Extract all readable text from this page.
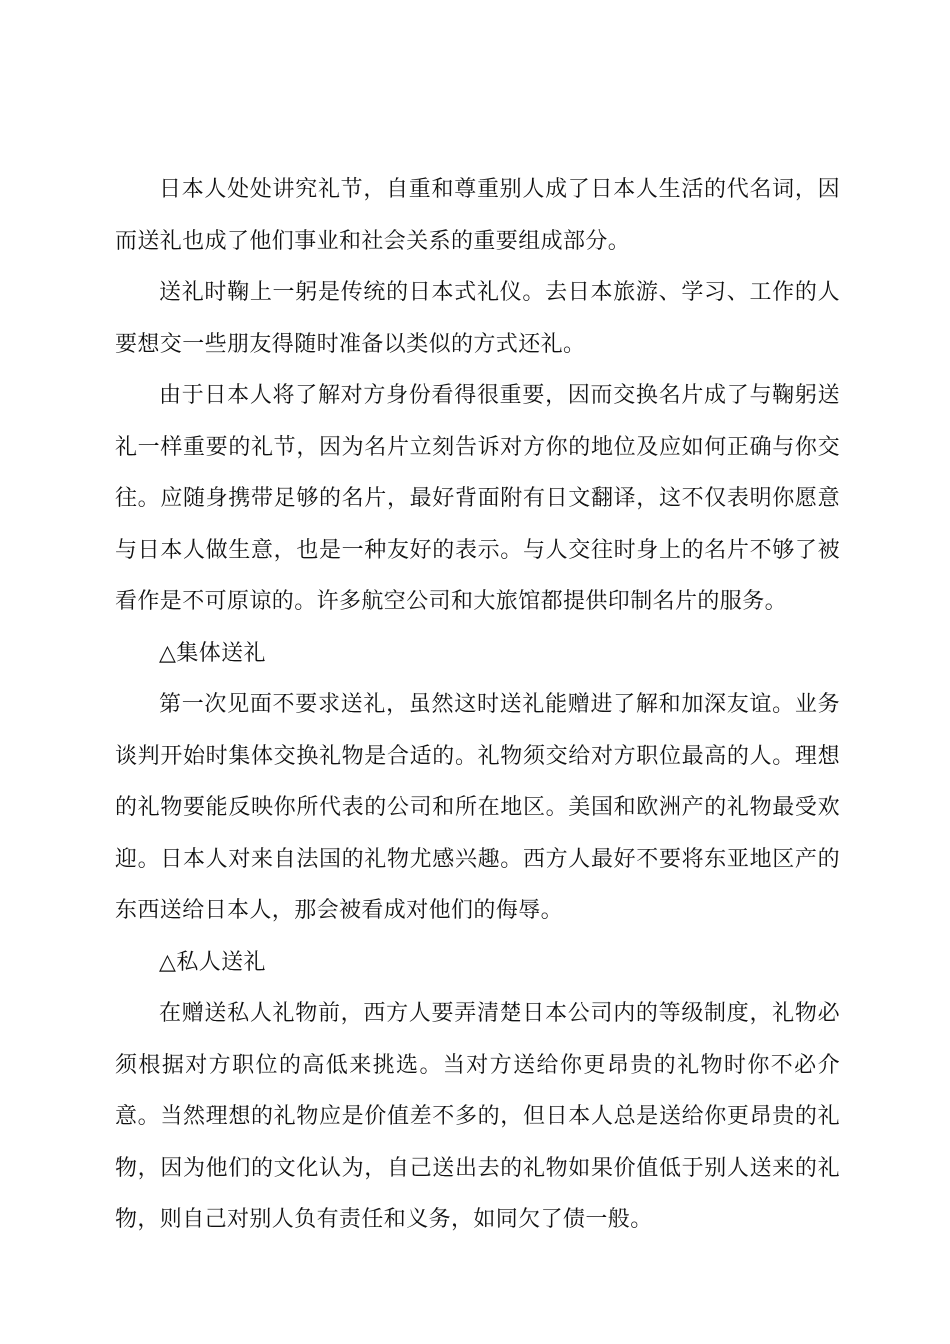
日本人处处讲究礼节，自重和尊重别人成了日本人生活的代名词，因而送礼也成了他们事业和社会关系的重要组成部分。

送礼时鞠上一躬是传统的日本式礼仪。去日本旅游、学习、工作的人要想交一些朋友得随时准备以类似的方式还礼。

由于日本人将了解对方身份看得很重要，因而交换名片成了与鞠躬送礼一样重要的礼节，因为名片立刻告诉对方你的地位及应如何正确与你交往。应随身携带足够的名片，最好背面附有日文翻译，这不仅表明你愿意与日本人做生意，也是一种友好的表示。与人交往时身上的名片不够了被看作是不可原谅的。许多航空公司和大旅馆都提供印制名片的服务。

△集体送礼

第一次见面不要求送礼，虽然这时送礼能赠进了解和加深友谊。业务谈判开始时集体交换礼物是合适的。礼物须交给对方职位最高的人。理想的礼物要能反映你所代表的公司和所在地区。美国和欧洲产的礼物最受欢迎。日本人对来自法国的礼物尤感兴趣。西方人最好不要将东亚地区产的东西送给日本人，那会被看成对他们的侮辱。

△私人送礼

在赠送私人礼物前，西方人要弄清楚日本公司内的等级制度，礼物必须根据对方职位的高低来挑选。当对方送给你更昂贵的礼物时你不必介意。当然理想的礼物应是价值差不多的，但日本人总是送给你更昂贵的礼物，因为他们的文化认为，自己送出去的礼物如果价值低于别人送来的礼物，则自己对别人负有责任和义务，如同欠了债一般。
